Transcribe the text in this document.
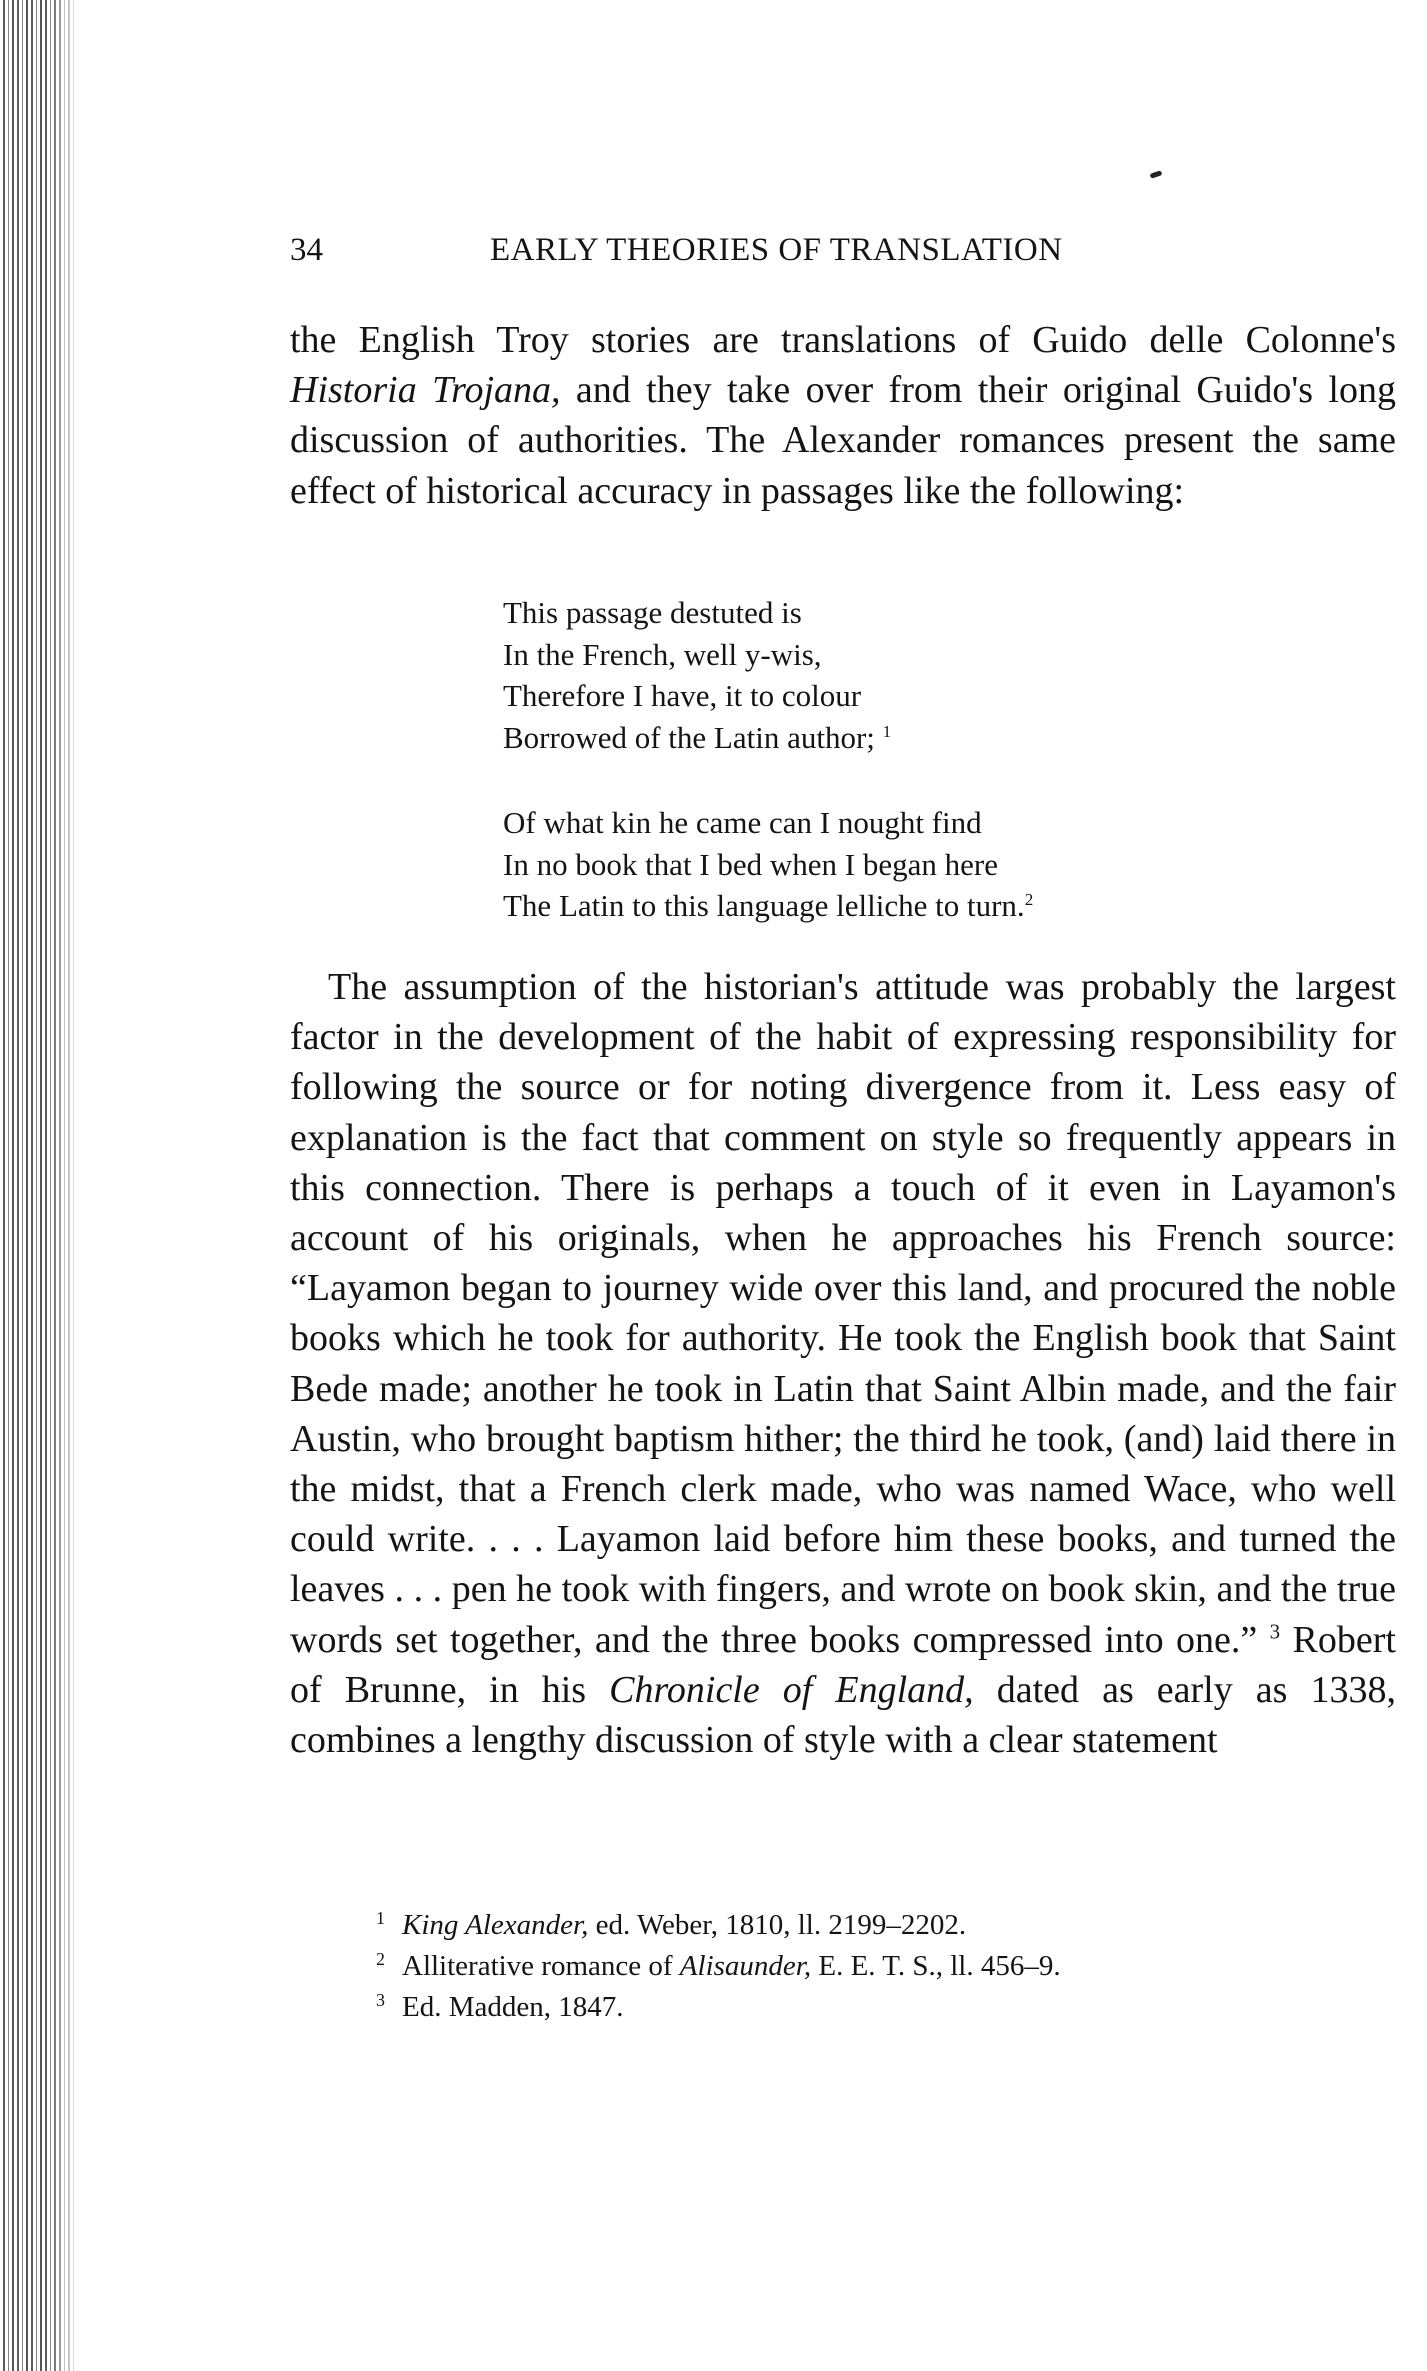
34	EARLY THEORIES OF TRANSLATION

the English Troy stories are translations of Guido delle Colonne's Historia Trojana, and they take over from their original Guido's long discussion of authorities. The Alexander romances present the same effect of historical accuracy in passages like the following:

This passage destuted is
In the French, well y-wis,
Therefore I have, it to colour
Borrowed of the Latin author; $^1$
Of what kin he came can I nought find
In no book that I bed when I began here
The Latin to this language lelliche to turn.$^2$

The assumption of the historian's attitude was probably the largest factor in the development of the habit of expressing responsibility for following the source or for noting divergence from it. Less easy of explanation is the fact that comment on style so frequently appears in this connection. There is perhaps a touch of it even in Layamon's account of his originals, when he approaches his French source: “Layamon began to journey wide over this land, and procured the noble books which he took for authority. He took the English book that Saint Bede made; another he took in Latin that Saint Albin made, and the fair Austin, who brought baptism hither; the third he took, (and) laid there in the midst, that a French clerk made, who was named Wace, who well could write. . . . Layamon laid before him these books, and turned the leaves . . . pen he took with fingers, and wrote on book skin, and the true words set together, and the three books compressed into one.” $^3$ Robert of Brunne, in his Chronicle of England, dated as early as 1338, combines a lengthy discussion of style with a clear statement

$^1$ King Alexander, ed. Weber, 1810, ll. 2199–2202.
$^2$ Alliterative romance of Alisaunder, E. E. T. S., ll. 456–9.
$^3$ Ed. Madden, 1847.
